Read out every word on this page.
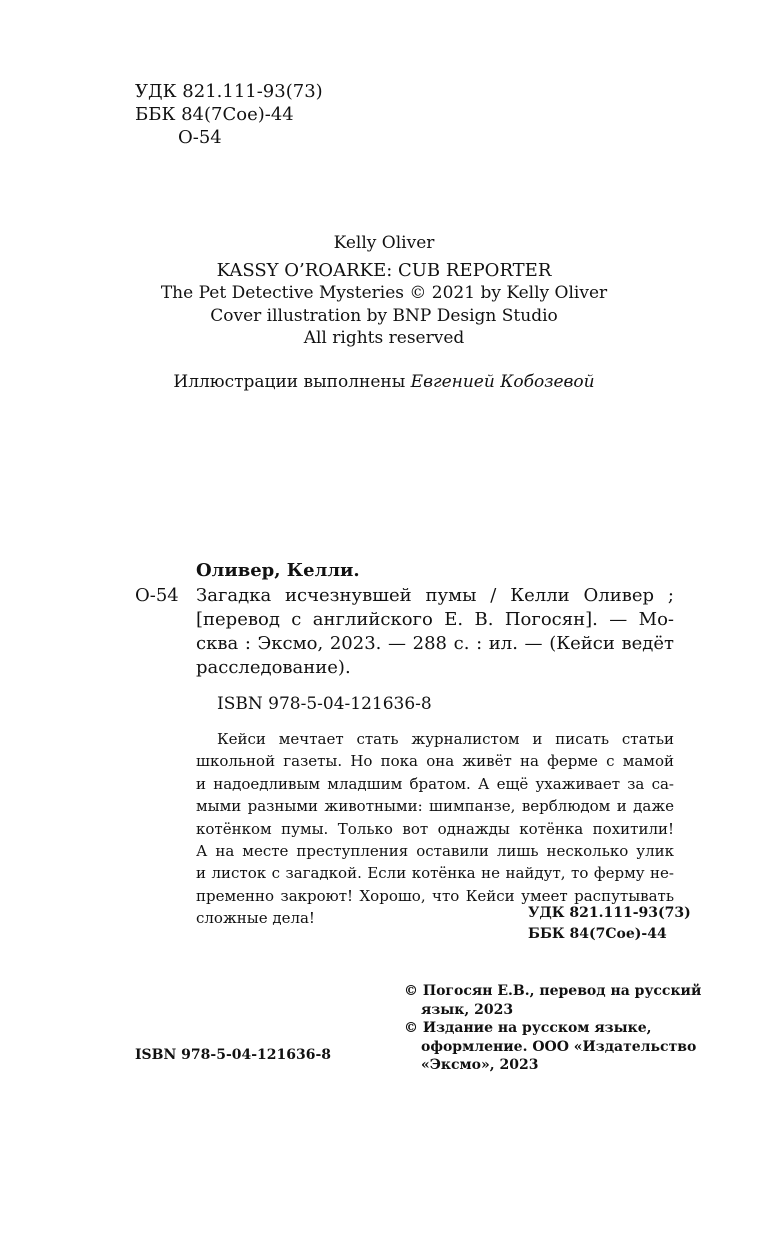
УДК 821.111-93(73)
ББК 84(7Сое)-44
О-54
Kelly Oliver
KASSY O’ROARKE: CUB REPORTER
The Pet Detective Mysteries © 2021 by Kelly Oliver
Cover illustration by BNP Design Studio
All rights reserved
Иллюстрации выполнены Евгенией Кобозевой
Оливер, Келли.
О-54 Загадка исчезнувшей пумы / Келли Оливер ;
[перевод с английского Е. В. Погосян]. — Мо-
сква : Эксмо, 2023. — 288 с. : ил. — (Кейси ведёт
расследование).
ISBN 978-5-04-121636-8
Кейси мечтает стать журналистом и писать статьи
школьной газеты. Но пока она живёт на ферме с мамой
и надоедливым младшим братом. А ещё ухаживает за са-
мыми разными животными: шимпанзе, верблюдом и даже
котёнком пумы. Только вот однажды котёнка похитили!
А на месте преступления оставили лишь несколько улик
и листок с загадкой. Если котёнка не найдут, то ферму не-
пременно закроют! Хорошо, что Кейси умеет распутывать
сложные дела!	УДК 821.111-93(73)
ББК 84(7Сое)-44
© Погосян Е.В., перевод на русский
язык, 2023
© Издание на русском языке,
оформление. ООО «Издательство
«Эксмо», 2023
ISBN 978-5-04-121636-8
